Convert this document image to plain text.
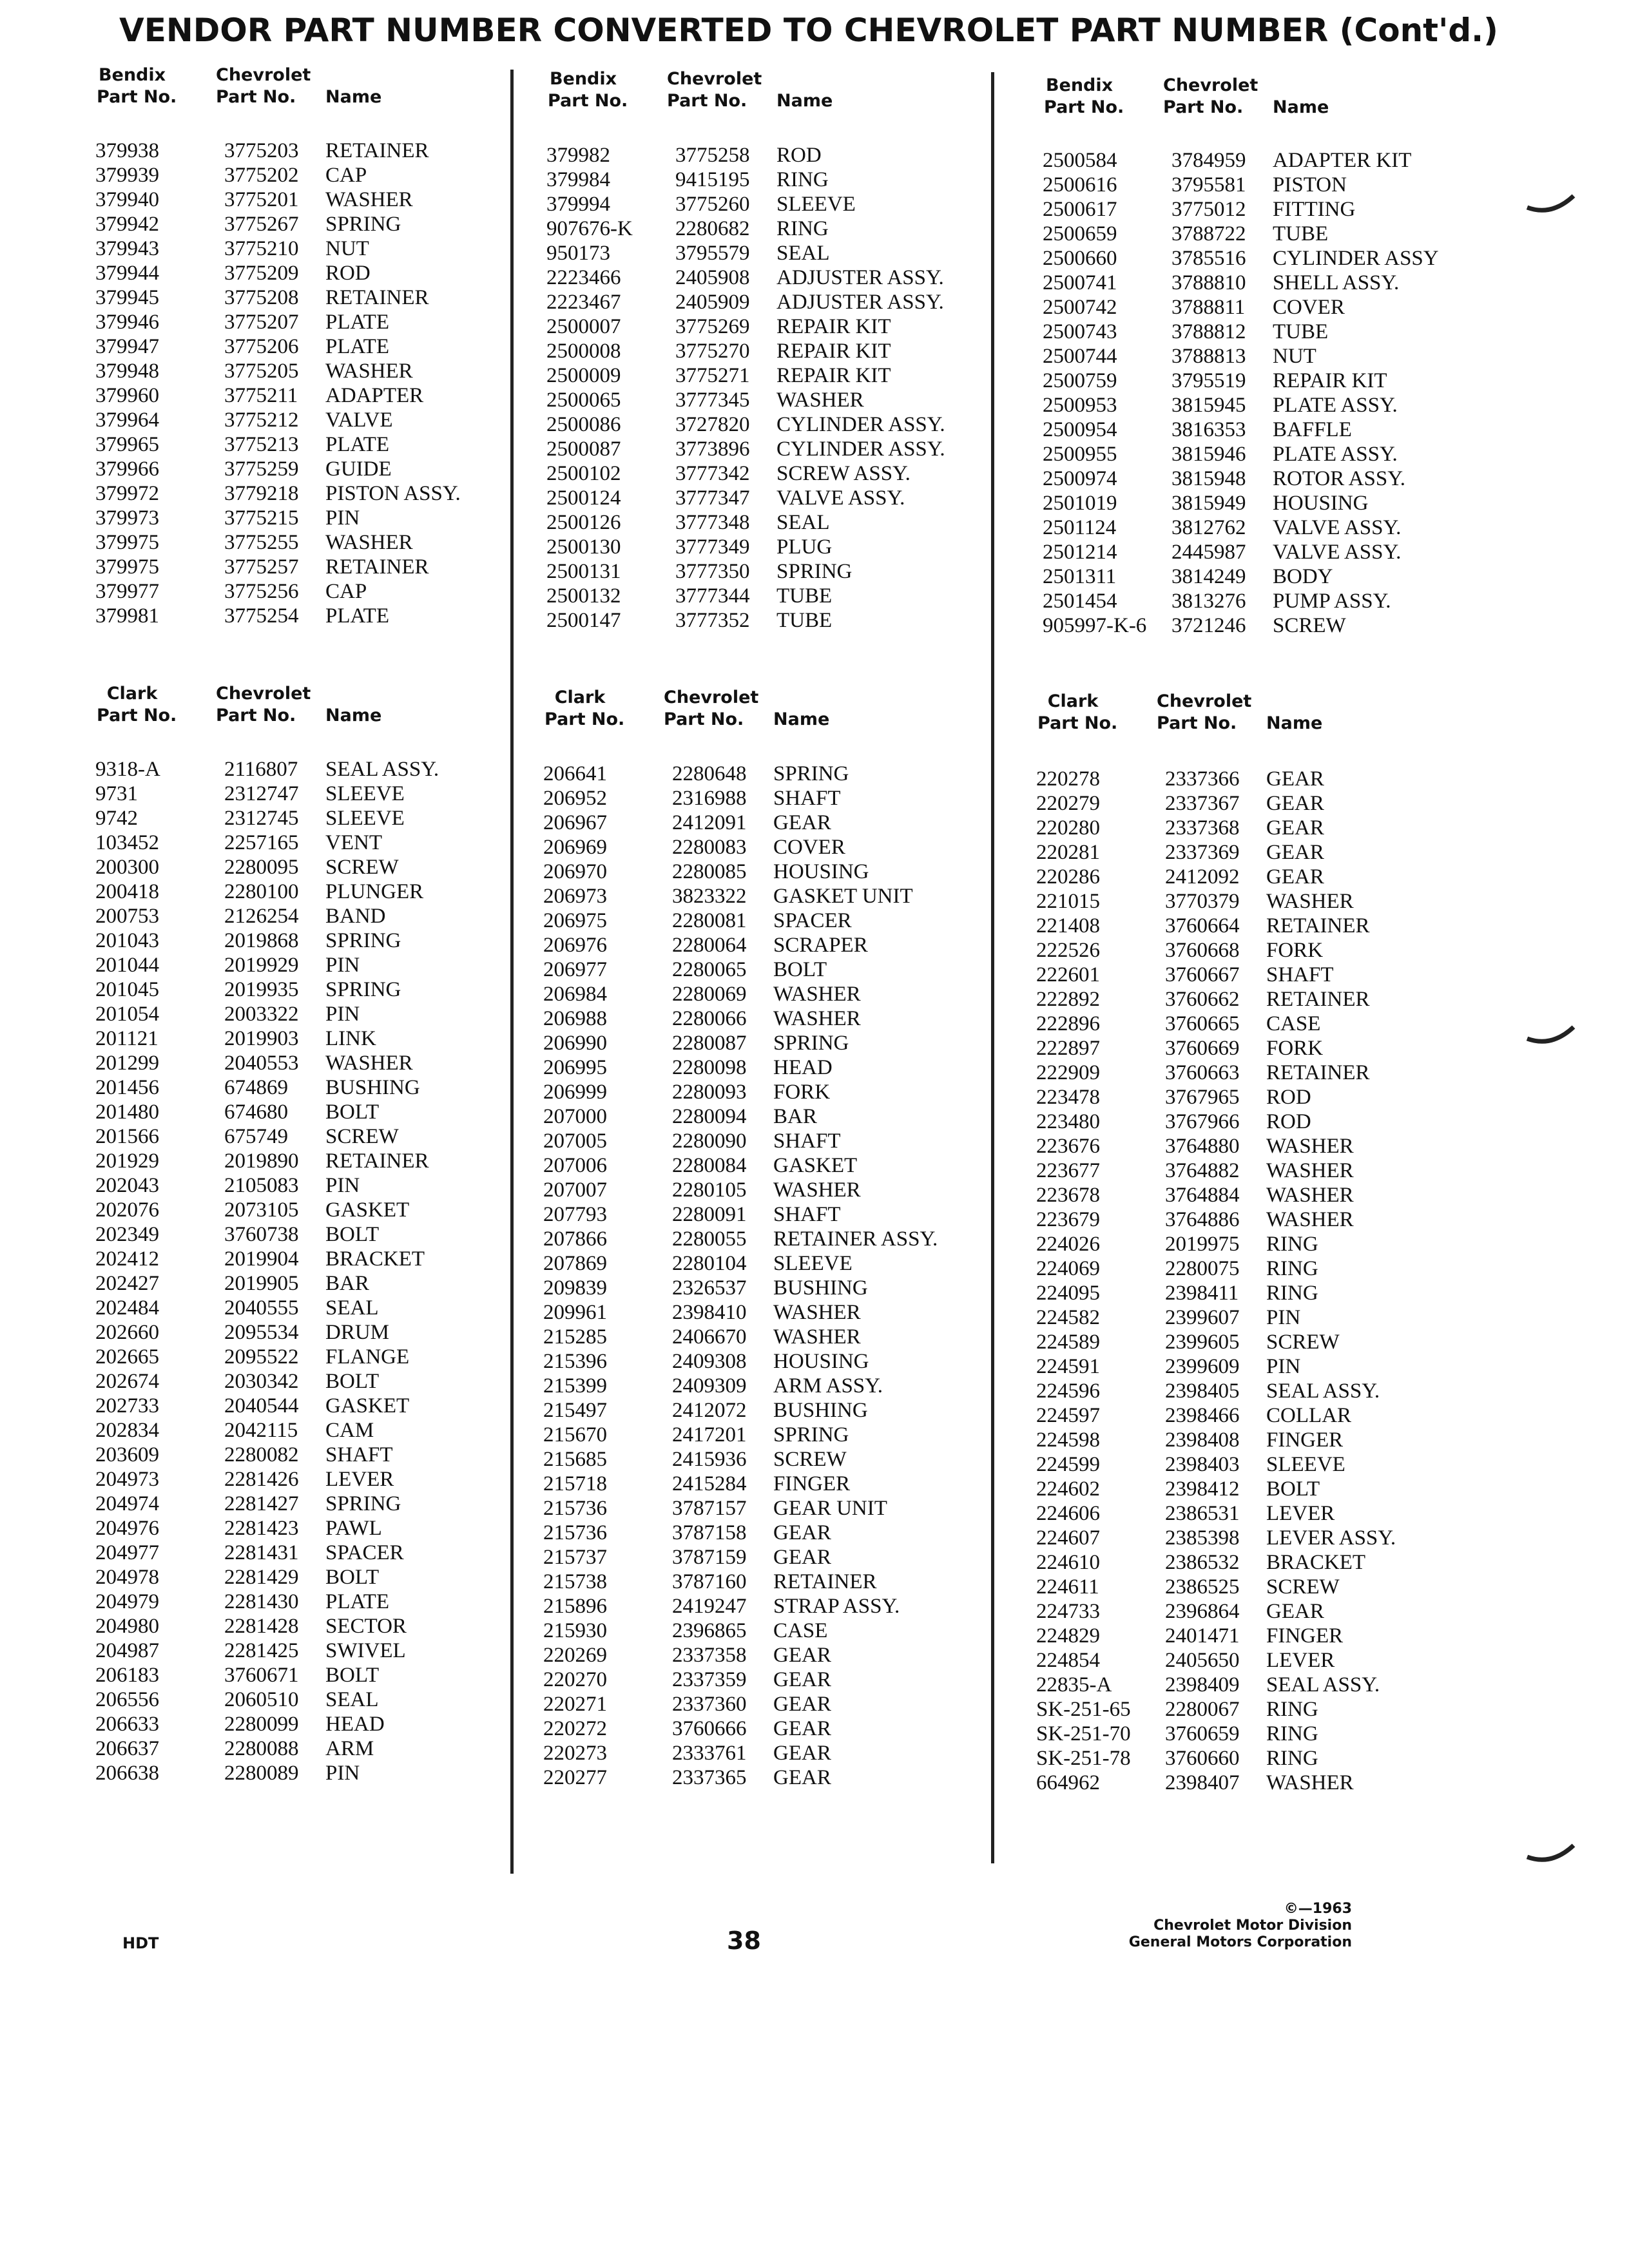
VENDOR PART NUMBER CONVERTED TO CHEVROLET PART NUMBER (Cont'd.)
HDT	38
©—1963
Chevrolet Motor Division
General Motors Corporation
Bendix
Part No.
Chevrolet
Part No. Name
379938	3775203 RETAINER
379939	3775202 CAP
379940	3775201 WASHER
379942	3775267 SPRING
379943	3775210 NUT
379944	3775209 ROD
379945	3775208 RETAINER
379946	3775207 PLATE
379947	3775206 PLATE
379948	3775205 WASHER
379960	3775211 ADAPTER
379964	3775212 VALVE
379965	3775213 PLATE
379966	3775259 GUIDE
379972	3779218 PISTON ASSY.
379973	3775215 PIN
379975	3775255 WASHER
379975	3775257 RETAINER
379977	3775256 CAP
379981	3775254 PLATE
Bendix
Part No.
Chevrolet
Part No. Name
379982	3775258 ROD
379984	9415195 RING
379994	3775260 SLEEVE
907676-K 2280682 RING
950173	3795579 SEAL
2223466	2405908 ADJUSTER ASSY.
2223467	2405909 ADJUSTER ASSY.
2500007	3775269 REPAIR KIT
2500008	3775270 REPAIR KIT
2500009	3775271 REPAIR KIT
2500065	3777345 WASHER
2500086	3727820 CYLINDER ASSY.
2500087	3773896 CYLINDER ASSY.
2500102	3777342 SCREW ASSY.
2500124	3777347 VALVE ASSY.
2500126	3777348 SEAL
2500130	3777349 PLUG
2500131	3777350 SPRING
2500132	3777344 TUBE
2500147	3777352 TUBE
Bendix
Part No.
Chevrolet
Part No. Name
2500584	3784959 ADAPTER KIT
2500616	3795581 PISTON
2500617	3775012 FITTING
2500659	3788722 TUBE
2500660	3785516 CYLINDER ASSY
2500741	3788810 SHELL ASSY.
2500742	3788811 COVER
2500743	3788812 TUBE
2500744	3788813 NUT
2500759	3795519 REPAIR KIT
2500953	3815945 PLATE ASSY.
2500954	3816353 BAFFLE
2500955	3815946 PLATE ASSY.
2500974	3815948 ROTOR ASSY.
2501019	3815949 HOUSING
2501124	3812762 VALVE ASSY.
2501214	2445987 VALVE ASSY.
2501311	3814249 BODY
2501454	3813276 PUMP ASSY.
905997-K-6 3721246 SCREW
Clark
Part No.
Chevrolet
Part No. Name
9318-A	2116807 SEAL ASSY.
9731	2312747 SLEEVE
9742	2312745 SLEEVE
103452	2257165 VENT
200300	2280095 SCREW
200418	2280100 PLUNGER
200753	2126254 BAND
201043	2019868 SPRING
201044	2019929 PIN
201045	2019935 SPRING
201054	2003322 PIN
201121	2019903 LINK
201299	2040553 WASHER
201456	674869 BUSHING
201480	674680 BOLT
201566	675749 SCREW
201929	2019890 RETAINER
202043	2105083 PIN
202076	2073105 GASKET
202349	3760738 BOLT
202412	2019904 BRACKET
202427	2019905 BAR
202484	2040555 SEAL
202660	2095534 DRUM
202665	2095522 FLANGE
202674	2030342 BOLT
202733	2040544 GASKET
202834	2042115 CAM
203609	2280082 SHAFT
204973	2281426 LEVER
204974	2281427 SPRING
204976	2281423 PAWL
204977	2281431 SPACER
204978	2281429 BOLT
204979	2281430 PLATE
204980	2281428 SECTOR
204987	2281425 SWIVEL
206183	3760671 BOLT
206556	2060510 SEAL
206633	2280099 HEAD
206637	2280088 ARM
206638	2280089 PIN
Clark
Part No.
Chevrolet
Part No. Name
206641	2280648 SPRING
206952	2316988 SHAFT
206967	2412091 GEAR
206969	2280083 COVER
206970	2280085 HOUSING
206973	3823322 GASKET UNIT
206975	2280081 SPACER
206976	2280064 SCRAPER
206977	2280065 BOLT
206984	2280069 WASHER
206988	2280066 WASHER
206990	2280087 SPRING
206995	2280098 HEAD
206999	2280093 FORK
207000	2280094 BAR
207005	2280090 SHAFT
207006	2280084 GASKET
207007	2280105 WASHER
207793	2280091 SHAFT
207866	2280055 RETAINER ASSY.
207869	2280104 SLEEVE
209839	2326537 BUSHING
209961	2398410 WASHER
215285	2406670 WASHER
215396	2409308 HOUSING
215399	2409309 ARM ASSY.
215497	2412072 BUSHING
215670	2417201 SPRING
215685	2415936 SCREW
215718	2415284 FINGER
215736	3787157 GEAR UNIT
215736	3787158 GEAR
215737	3787159 GEAR
215738	3787160 RETAINER
215896	2419247 STRAP ASSY.
215930	2396865 CASE
220269	2337358 GEAR
220270	2337359 GEAR
220271	2337360 GEAR
220272	3760666 GEAR
220273	2333761 GEAR
220277	2337365 GEAR
Clark
Part No.
Chevrolet
Part No. Name
220278	2337366 GEAR
220279	2337367 GEAR
220280	2337368 GEAR
220281	2337369 GEAR
220286	2412092 GEAR
221015	3770379 WASHER
221408	3760664 RETAINER
222526	3760668 FORK
222601	3760667 SHAFT
222892	3760662 RETAINER
222896	3760665 CASE
222897	3760669 FORK
222909	3760663 RETAINER
223478	3767965 ROD
223480	3767966 ROD
223676	3764880 WASHER
223677	3764882 WASHER
223678	3764884 WASHER
223679	3764886 WASHER
224026	2019975 RING
224069	2280075 RING
224095	2398411 RING
224582	2399607 PIN
224589	2399605 SCREW
224591	2399609 PIN
224596	2398405 SEAL ASSY.
224597	2398466 COLLAR
224598	2398408 FINGER
224599	2398403 SLEEVE
224602	2398412 BOLT
224606	2386531 LEVER
224607	2385398 LEVER ASSY.
224610	2386532 BRACKET
224611	2386525 SCREW
224733	2396864 GEAR
224829	2401471 FINGER
224854	2405650 LEVER
22835-A	2398409 SEAL ASSY.
SK-251-65 2280067 RING
SK-251-70 3760659 RING
SK-251-78 3760660 RING
664962	2398407 WASHER
